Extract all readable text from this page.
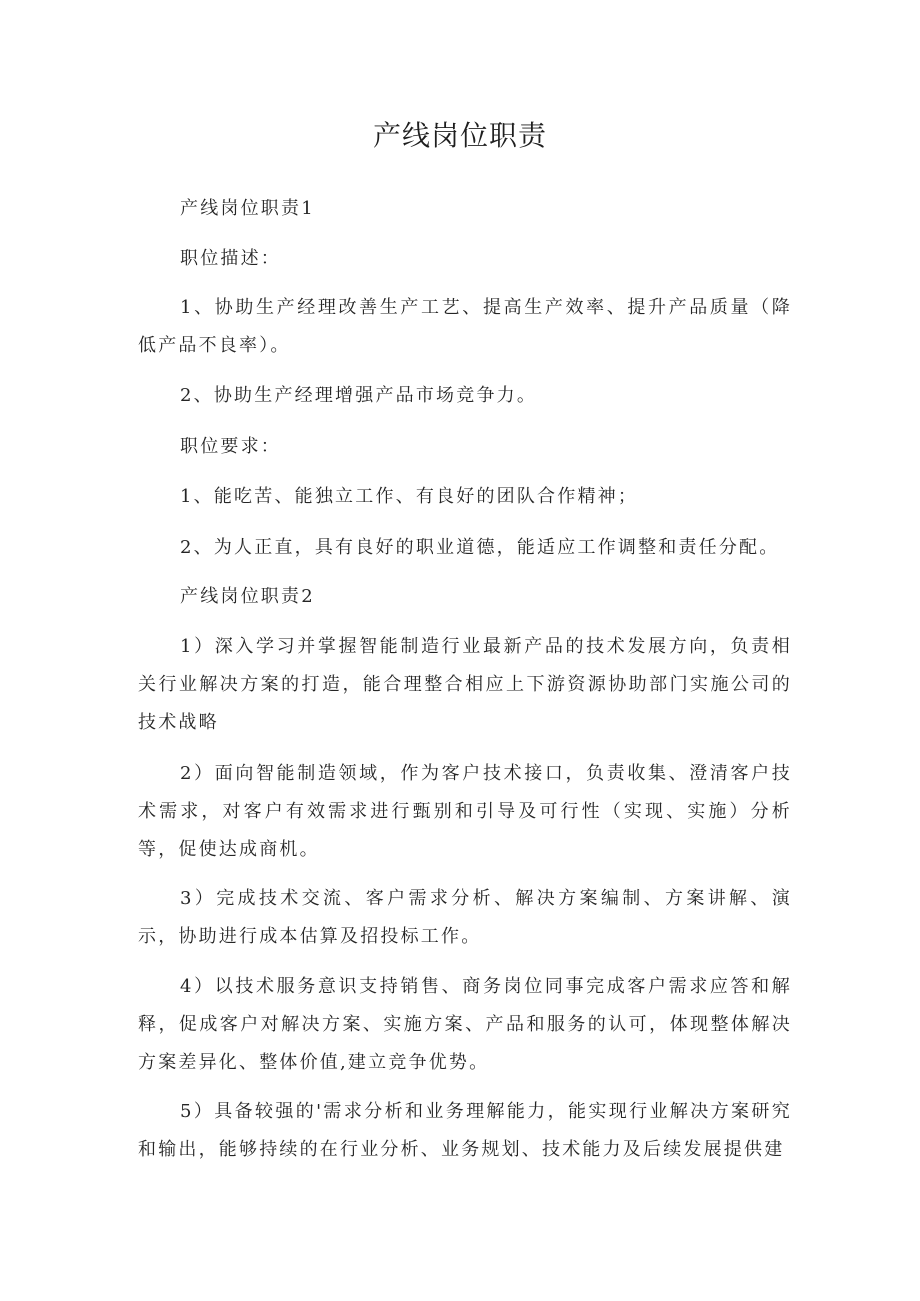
产线岗位职责

产线岗位职责1

职位描述：

1、协助生产经理改善生产工艺、提高生产效率、提升产品质量（降低产品不良率）。

2、协助生产经理增强产品市场竞争力。

职位要求：

1、能吃苦、能独立工作、有良好的团队合作精神；

2、为人正直，具有良好的职业道德，能适应工作调整和责任分配。

产线岗位职责2

1）深入学习并掌握智能制造行业最新产品的技术发展方向，负责相关行业解决方案的打造，能合理整合相应上下游资源协助部门实施公司的技术战略

2）面向智能制造领域，作为客户技术接口，负责收集、澄清客户技术需求，对客户有效需求进行甄别和引导及可行性（实现、实施）分析等，促使达成商机。

3）完成技术交流、客户需求分析、解决方案编制、方案讲解、演示，协助进行成本估算及招投标工作。

4）以技术服务意识支持销售、商务岗位同事完成客户需求应答和解释，促成客户对解决方案、实施方案、产品和服务的认可，体现整体解决方案差异化、整体价值,建立竞争优势。

5）具备较强的'需求分析和业务理解能力，能实现行业解决方案研究和输出，能够持续的在行业分析、业务规划、技术能力及后续发展提供建
